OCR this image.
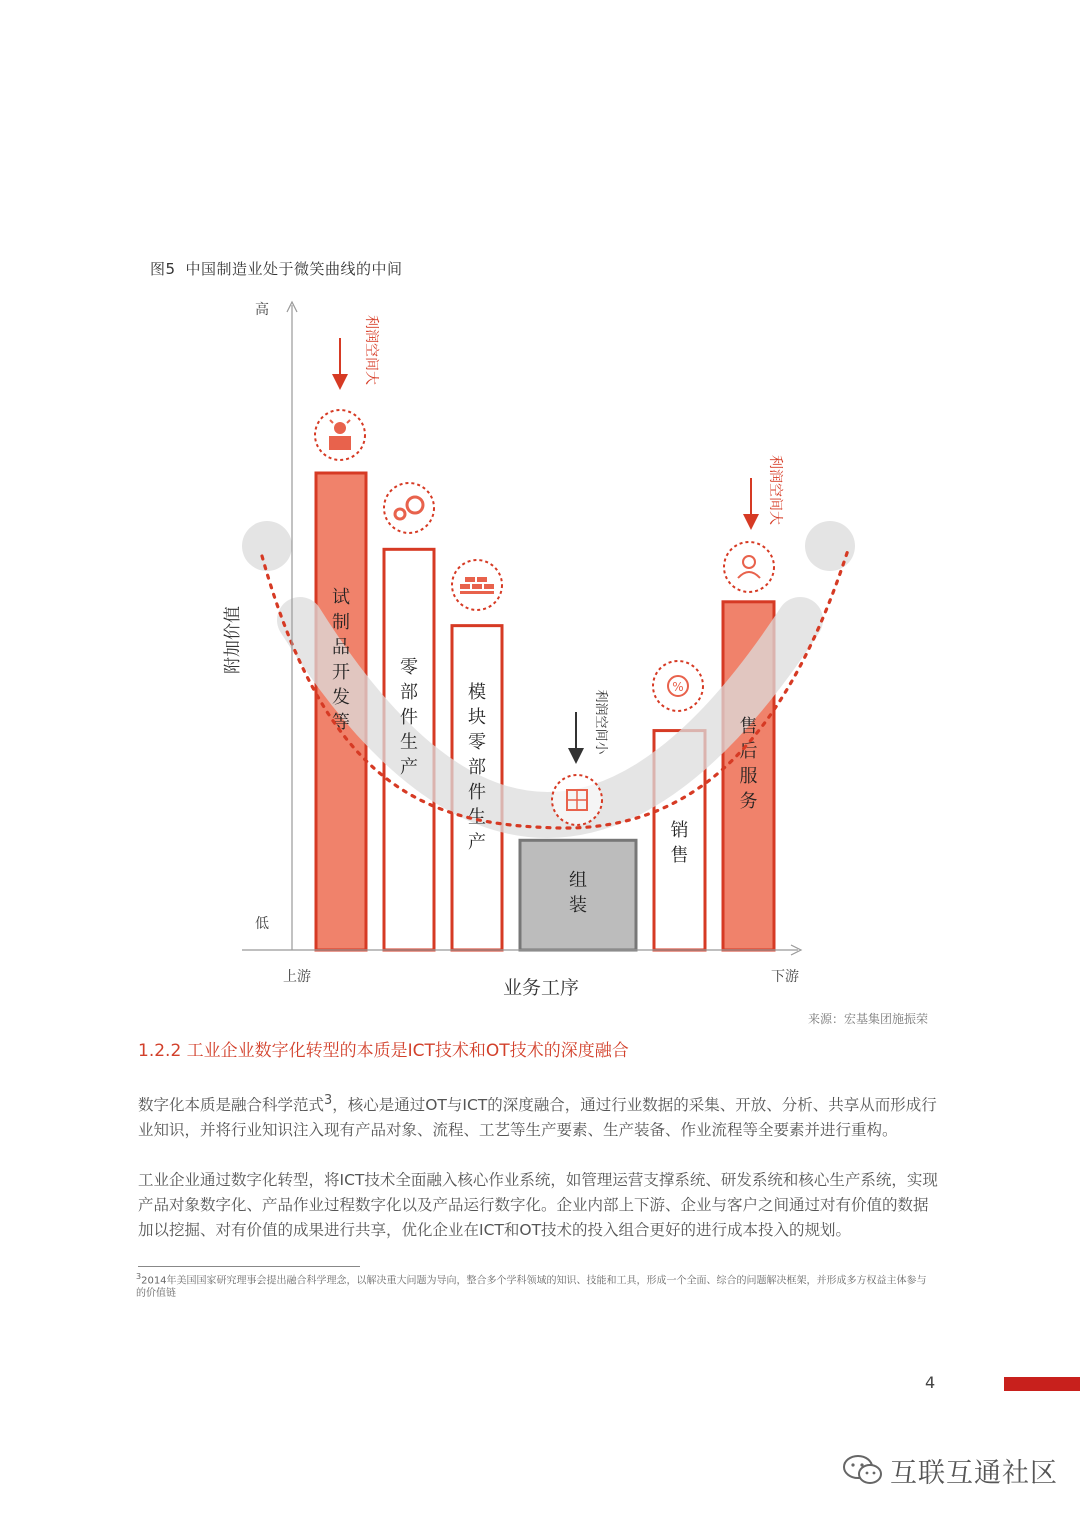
图5 中国制造业处于微笑曲线的中间
试制品开发等
零部件生产
模块零部件生产
组装
销售
售后服务
高
低
上游	下游
业务工序
附加价值
利润空间大
利润空间小
利润空间大
%
来源：宏基集团施振荣
1.2.2 工业企业数字化转型的本质是ICT技术和OT技术的深度融合

数字化本质是融合科学范式$^3$，核心是通过OT与ICT的深度融合，通过行业数据的采集、开放、分析、共享从而形成行业知识，并将行业知识注入现有产品对象、流程、工艺等生产要素、生产装备、作业流程等全要素并进行重构。

工业企业通过数字化转型，将ICT技术全面融入核心作业系统，如管理运营支撑系统、研发系统和核心生产系统，实现产品对象数字化、产品作业过程数字化以及产品运行数字化。企业内部上下游、企业与客户之间通过对有价值的数据加以挖掘、对有价值的成果进行共享，优化企业在ICT和OT技术的投入组合更好的进行成本投入的规划。

$^3$2014年美国国家研究理事会提出融合科学理念，以解决重大问题为导向，整合多个学科领域的知识、技能和工具，形成一个全面、综合的问题解决框架，并形成多方权益主体参与的价值链
4
互联互通社区
